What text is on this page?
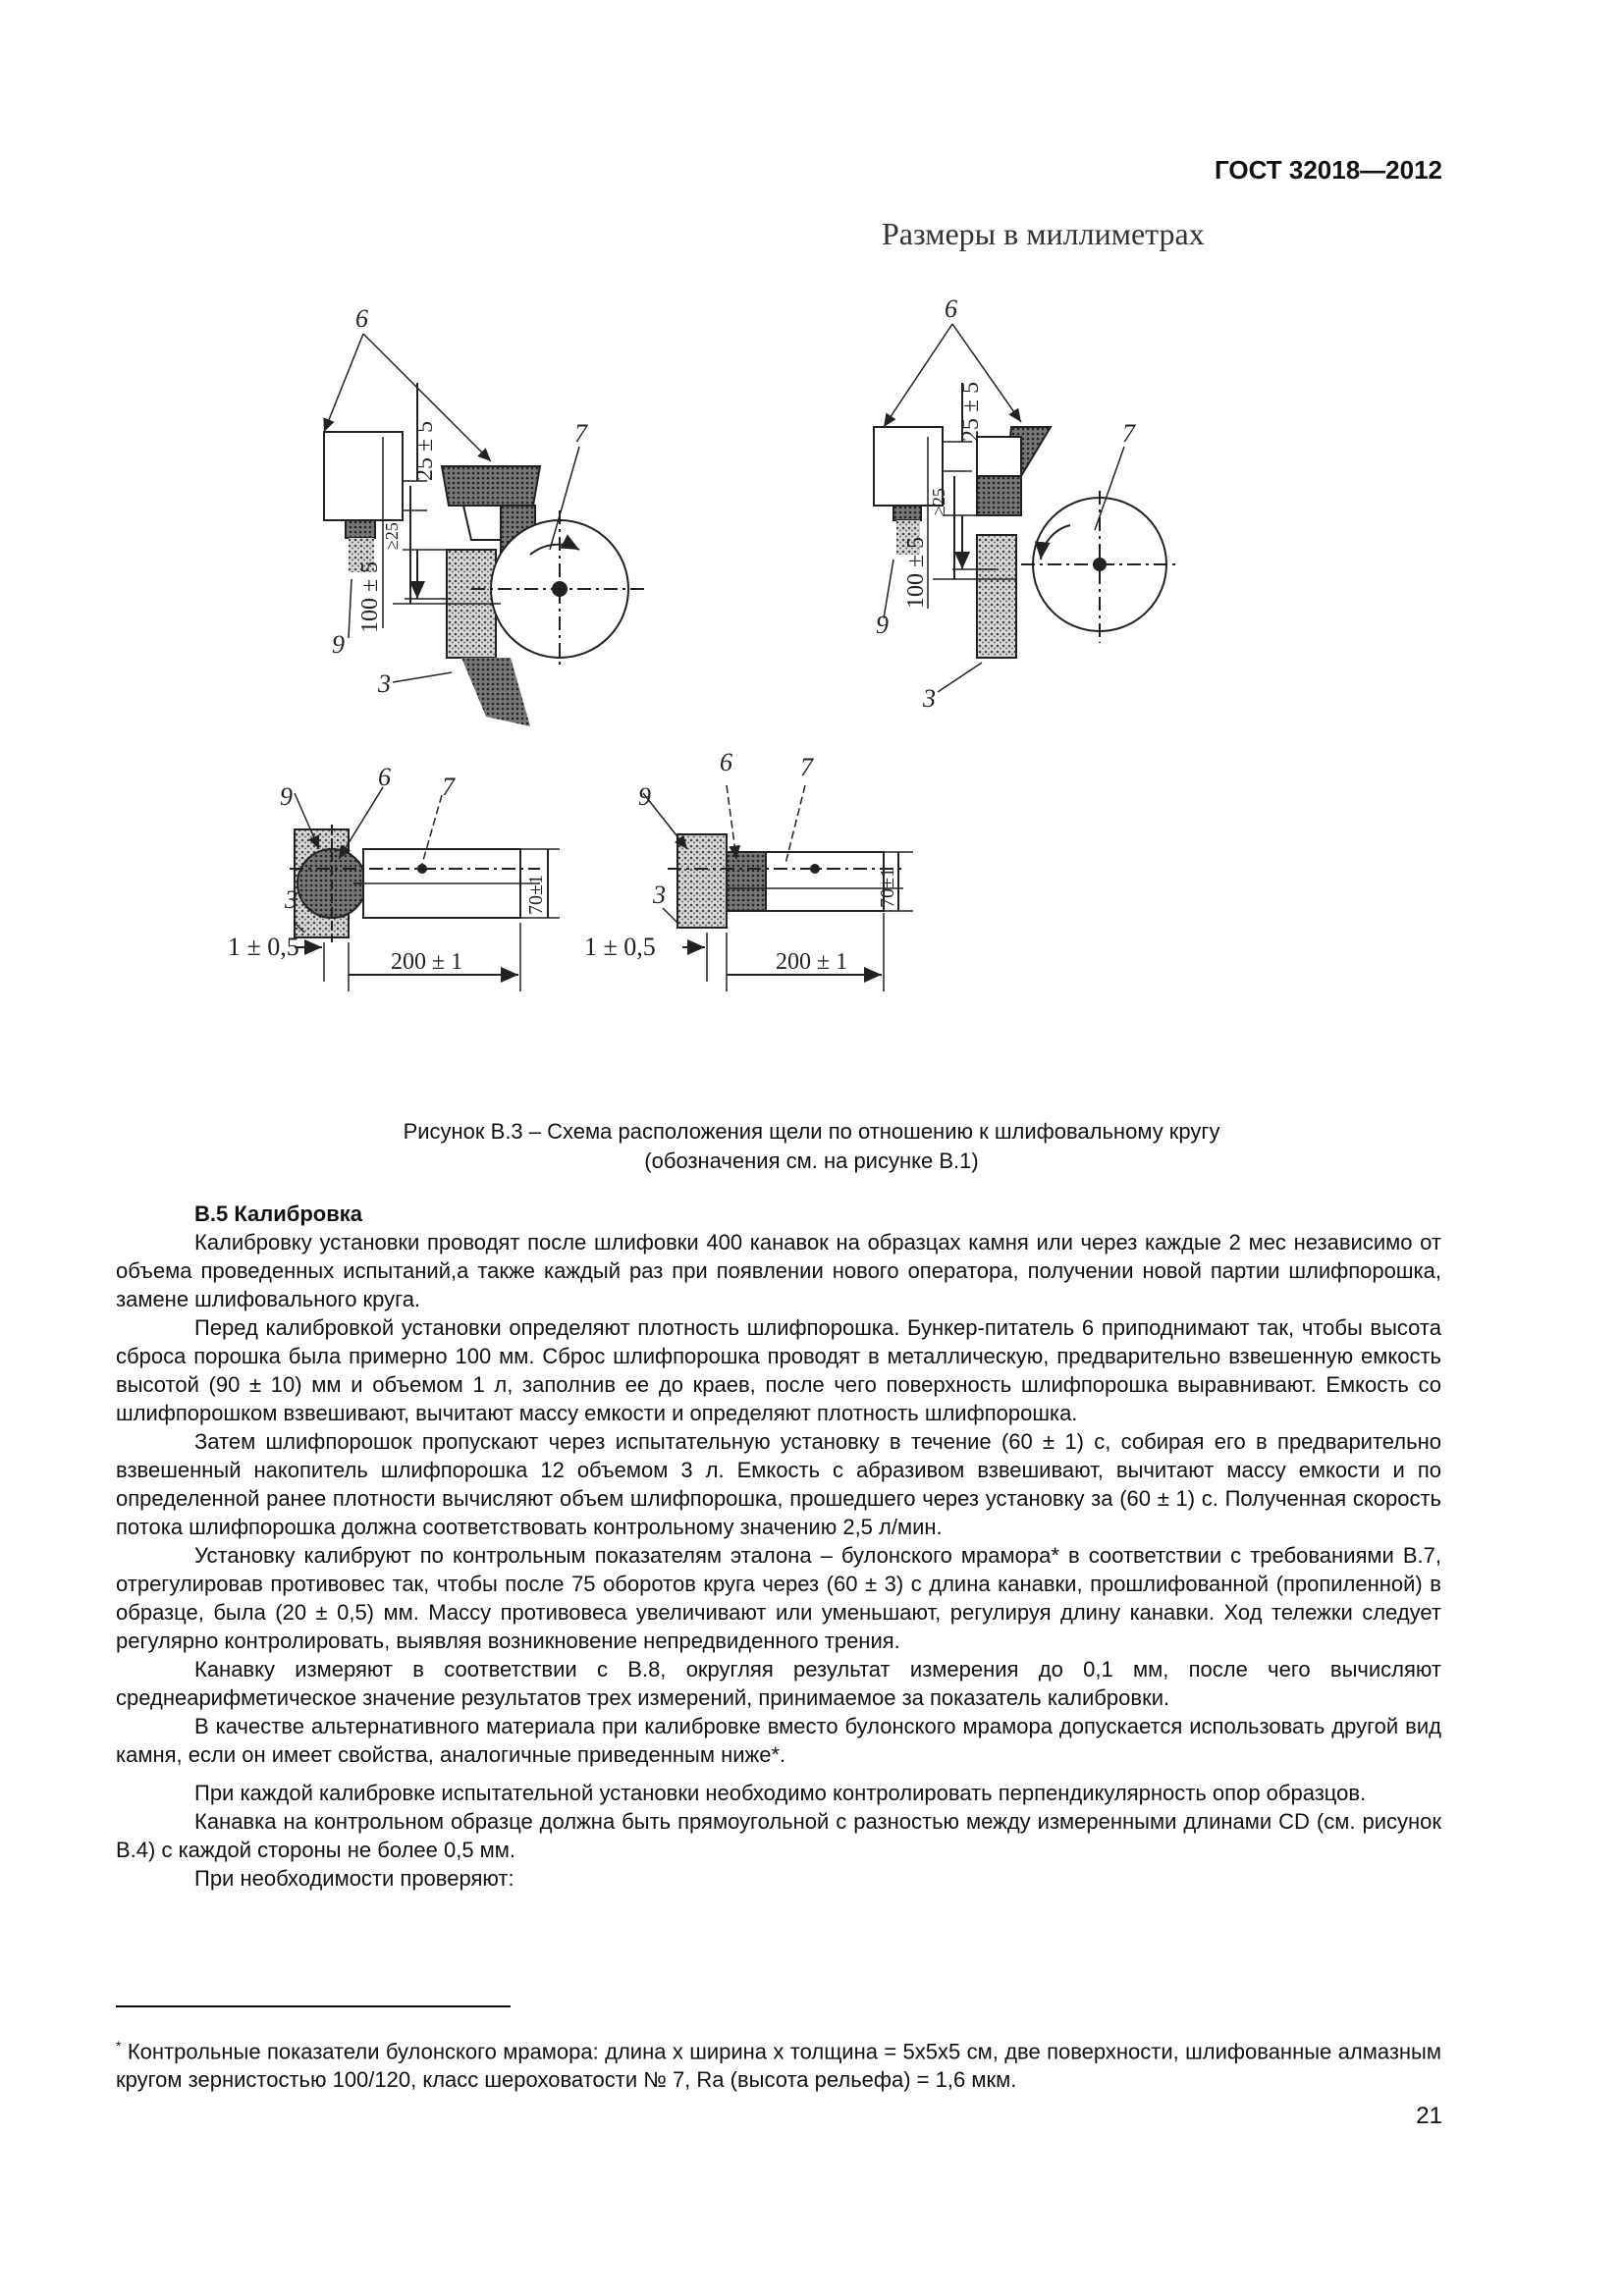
ГОСТ 32018—2012
Размеры в миллиметрах
6
7
9
3
6
7
9
3
9
6 7
3
9
6	7
3
25 ± 5
≥25
100 ± 5
25 ± 5
≥25
100 ± 5
70±1
1 ± 0,5
200 ± 1
70±1
1 ± 0,5
200 ± 1
Рисунок В.3 – Схема расположения щели по отношению к шлифовальному кругу
(обозначения см. на рисунке В.1)
В.5 Калибровка

Калибровку установки проводят после шлифовки 400 канавок на образцах камня или через каждые 2 мес независимо от объема проведенных испытаний,а также каждый раз при появлении нового оператора, получении новой партии шлифпорошка, замене шлифовального круга.

Перед калибровкой установки определяют плотность шлифпорошка. Бункер-питатель 6 приподнимают так, чтобы высота сброса порошка была примерно 100 мм. Сброс шлифпорошка проводят в металлическую, предварительно взвешенную емкость высотой (90 ± 10) мм и объемом 1 л, заполнив ее до краев, после чего поверхность шлифпорошка выравнивают. Емкость со шлифпорошком взвешивают, вычитают массу емкости и определяют плотность шлифпорошка.

Затем шлифпорошок пропускают через испытательную установку в течение (60 ± 1) с, собирая его в предварительно взвешенный накопитель шлифпорошка 12 объемом 3 л. Емкость с абразивом взвешивают, вычитают массу емкости и по определенной ранее плотности вычисляют объем шлифпорошка, прошедшего через установку за (60 ± 1) с. Полученная скорость потока шлифпорошка должна соответствовать контрольному значению 2,5 л/мин.

Установку калибруют по контрольным показателям эталона – булонского мрамора* в соответствии с требованиями В.7, отрегулировав противовес так, чтобы после 75 оборотов круга через (60 ± 3) с длина канавки, прошлифованной (пропиленной) в образце, была (20 ± 0,5) мм. Массу противовеса увеличивают или уменьшают, регулируя длину канавки. Ход тележки следует регулярно контролировать, выявляя возникновение непредвиденного трения.

Канавку измеряют в соответствии с В.8, округляя результат измерения до 0,1 мм, после чего вычисляют среднеарифметическое значение результатов трех измерений, принимаемое за показатель калибровки.

В качестве альтернативного материала при калибровке вместо булонского мрамора допускается использовать другой вид камня, если он имеет свойства, аналогичные приведенным ниже*.

При каждой калибровке испытательной установки необходимо контролировать перпендикулярность опор образцов.

Канавка на контрольном образце должна быть прямоугольной с разностью между измеренными длинами CD (см. рисунок В.4) с каждой стороны не более 0,5 мм.

При необходимости проверяют:

* Контрольные показатели булонского мрамора: длина х ширина х толщина = 5х5х5 см, две поверхности, шлифованные алмазным кругом зернистостью 100/120, класс шероховатости № 7, Ra (высота рельефа) = 1,6 мкм.
21
